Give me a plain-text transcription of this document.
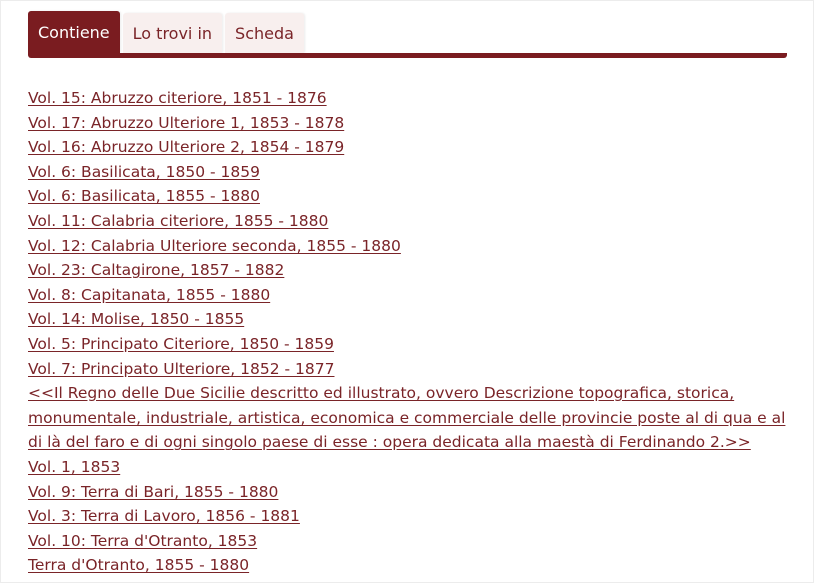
Contiene	Lo trovi in	Scheda
Vol. 15: Abruzzo citeriore, 1851 - 1876
Vol. 17: Abruzzo Ulteriore 1, 1853 - 1878
Vol. 16: Abruzzo Ulteriore 2, 1854 - 1879
Vol. 6: Basilicata, 1850 - 1859
Vol. 6: Basilicata, 1855 - 1880
Vol. 11: Calabria citeriore, 1855 - 1880
Vol. 12: Calabria Ulteriore seconda, 1855 - 1880
Vol. 23: Caltagirone, 1857 - 1882
Vol. 8: Capitanata, 1855 - 1880
Vol. 14: Molise, 1850 - 1855
Vol. 5: Principato Citeriore, 1850 - 1859
Vol. 7: Principato Ulteriore, 1852 - 1877
<<Il Regno delle Due Sicilie descritto ed illustrato, ovvero Descrizione topografica, storica, monumentale, industriale, artistica, economica e commerciale delle provincie poste al di qua e al di là del faro e di ogni singolo paese di esse : opera dedicata alla maestà di Ferdinando 2.>>
Vol. 1, 1853
Vol. 9: Terra di Bari, 1855 - 1880
Vol. 3: Terra di Lavoro, 1856 - 1881
Vol. 10: Terra d'Otranto, 1853
Terra d'Otranto, 1855 - 1880
